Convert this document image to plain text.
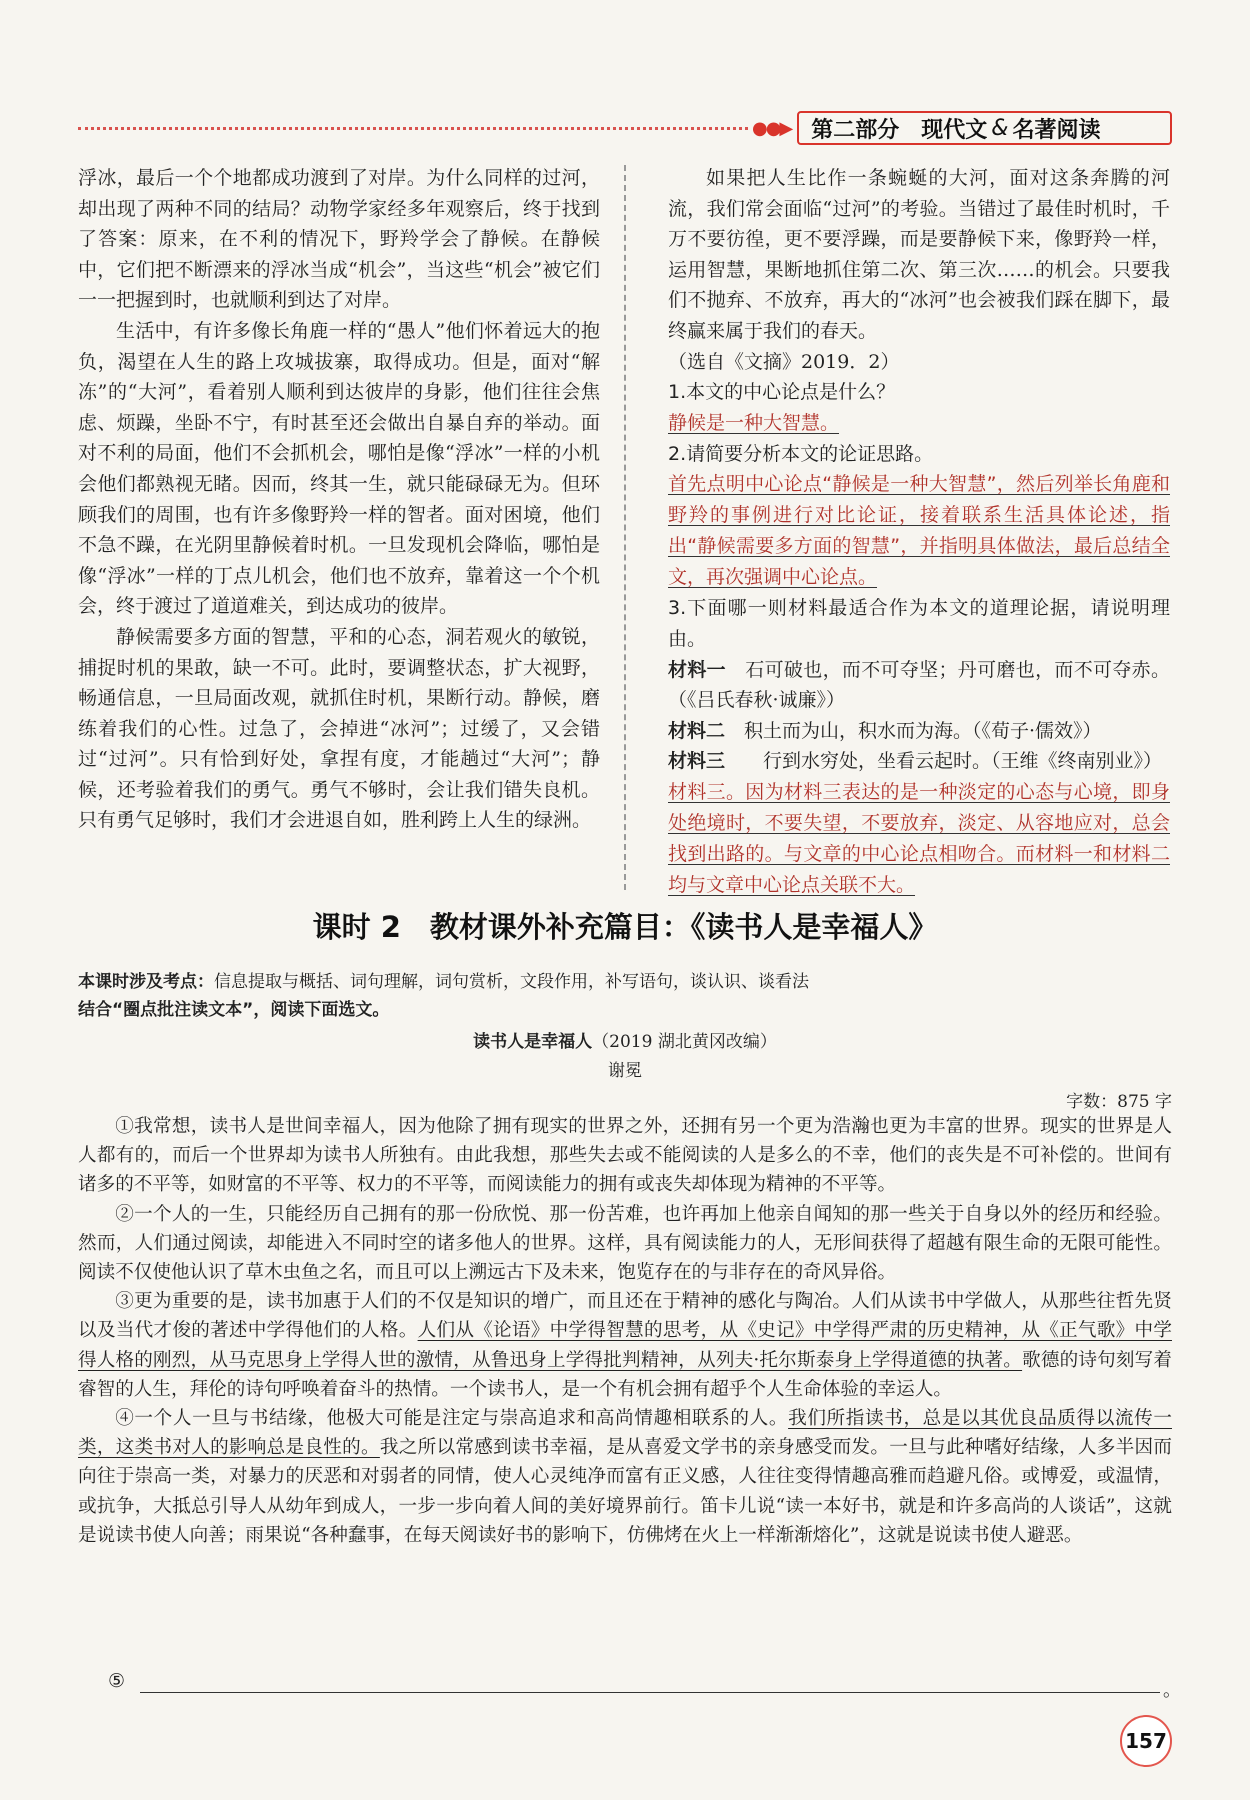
●●▶ 第二部分　现代文 & 名著阅读

浮冰，最后一个个地都成功渡到了对岸。为什么同样的过河，却出现了两种不同的结局？动物学家经多年观察后，终于找到了答案：原来，在不利的情况下，野羚学会了静候。在静候中，它们把不断漂来的浮冰当成“机会”，当这些“机会”被它们一一把握到时，也就顺利到达了对岸。

生活中，有许多像长角鹿一样的“愚人”他们怀着远大的抱负，渴望在人生的路上攻城拔寨，取得成功。但是，面对“解冻”的“大河”，看着别人顺利到达彼岸的身影，他们往往会焦虑、烦躁，坐卧不宁，有时甚至还会做出自暴自弃的举动。面对不利的局面，他们不会抓机会，哪怕是像“浮冰”一样的小机会他们都熟视无睹。因而，终其一生，就只能碌碌无为。但环顾我们的周围，也有许多像野羚一样的智者。面对困境，他们不急不躁，在光阴里静候着时机。一旦发现机会降临，哪怕是像“浮冰”一样的丁点儿机会，他们也不放弃，靠着这一个个机会，终于渡过了道道难关，到达成功的彼岸。

静候需要多方面的智慧，平和的心态，洞若观火的敏锐，捕捉时机的果敢，缺一不可。此时，要调整状态，扩大视野，畅通信息，一旦局面改观，就抓住时机，果断行动。静候，磨练着我们的心性。过急了，会掉进“冰河”；过缓了，又会错过“过河”。只有恰到好处，拿捏有度，才能趟过“大河”；静候，还考验着我们的勇气。勇气不够时，会让我们错失良机。只有勇气足够时，我们才会进退自如，胜利跨上人生的绿洲。

如果把人生比作一条蜿蜒的大河，面对这条奔腾的河流，我们常会面临“过河”的考验。当错过了最佳时机时，千万不要彷徨，更不要浮躁，而是要静候下来，像野羚一样，运用智慧，果断地抓住第二次、第三次……的机会。只要我们不抛弃、不放弃，再大的“冰河”也会被我们踩在脚下，最终赢来属于我们的春天。

（选自《文摘》2019．2）

1.本文的中心论点是什么？

静候是一种大智慧。

2.请简要分析本文的论证思路。

首先点明中心论点“静候是一种大智慧”，然后列举长角鹿和野羚的事例进行对比论证，接着联系生活具体论述，指出“静候需要多方面的智慧”，并指明具体做法，最后总结全文，再次强调中心论点。

3.下面哪一则材料最适合作为本文的道理论据，请说明理由。

材料一　石可破也，而不可夺坚；丹可磨也，而不可夺赤。（《吕氏春秋·诚廉》）

材料二　积土而为山，积水而为海。（《荀子·儒效》）

材料三　　行到水穷处，坐看云起时。（王维《终南别业》）

材料三。因为材料三表达的是一种淡定的心态与心境，即身处绝境时，不要失望，不要放弃，淡定、从容地应对，总会找到出路的。与文章的中心论点相吻合。而材料一和材料二均与文章中心论点关联不大。

课时 2　教材课外补充篇目：《读书人是幸福人》
本课时涉及考点：信息提取与概括、词句理解，词句赏析，文段作用，补写语句，谈认识、谈看法
结合“圈点批注读文本”，阅读下面选文。
读书人是幸福人（2019 湖北黄冈改编）
谢冕
字数：875 字

①我常想，读书人是世间幸福人，因为他除了拥有现实的世界之外，还拥有另一个更为浩瀚也更为丰富的世界。现实的世界是人人都有的，而后一个世界却为读书人所独有。由此我想，那些失去或不能阅读的人是多么的不幸，他们的丧失是不可补偿的。世间有诸多的不平等，如财富的不平等、权力的不平等，而阅读能力的拥有或丧失却体现为精神的不平等。

②一个人的一生，只能经历自己拥有的那一份欣悦、那一份苦难，也许再加上他亲自闻知的那一些关于自身以外的经历和经验。然而，人们通过阅读，却能进入不同时空的诸多他人的世界。这样，具有阅读能力的人，无形间获得了超越有限生命的无限可能性。阅读不仅使他认识了草木虫鱼之名，而且可以上溯远古下及未来，饱览存在的与非存在的奇风异俗。

③更为重要的是，读书加惠于人们的不仅是知识的增广，而且还在于精神的感化与陶冶。人们从读书中学做人，从那些往哲先贤以及当代才俊的著述中学得他们的人格。人们从《论语》中学得智慧的思考，从《史记》中学得严肃的历史精神，从《正气歌》中学得人格的刚烈，从马克思身上学得人世的激情，从鲁迅身上学得批判精神，从列夫·托尔斯泰身上学得道德的执著。歌德的诗句刻写着睿智的人生，拜伦的诗句呼唤着奋斗的热情。一个读书人，是一个有机会拥有超乎个人生命体验的幸运人。

④一个人一旦与书结缘，他极大可能是注定与崇高追求和高尚情趣相联系的人。我们所指读书，总是以其优良品质得以流传一类，这类书对人的影响总是良性的。我之所以常感到读书幸福，是从喜爱文学书的亲身感受而发。一旦与此种嗜好结缘，人多半因而向往于崇高一类，对暴力的厌恶和对弱者的同情，使人心灵纯净而富有正义感，人往往变得情趣高雅而趋避凡俗。或博爱，或温情，或抗争，大抵总引导人从幼年到成人，一步一步向着人间的美好境界前行。笛卡儿说“读一本好书，就是和许多高尚的人谈话”，这就是说读书使人向善；雨果说“各种蠢事，在每天阅读好书的影响下，仿佛烤在火上一样渐渐熔化”，这就是说读书使人避恶。

⑤	。
157
